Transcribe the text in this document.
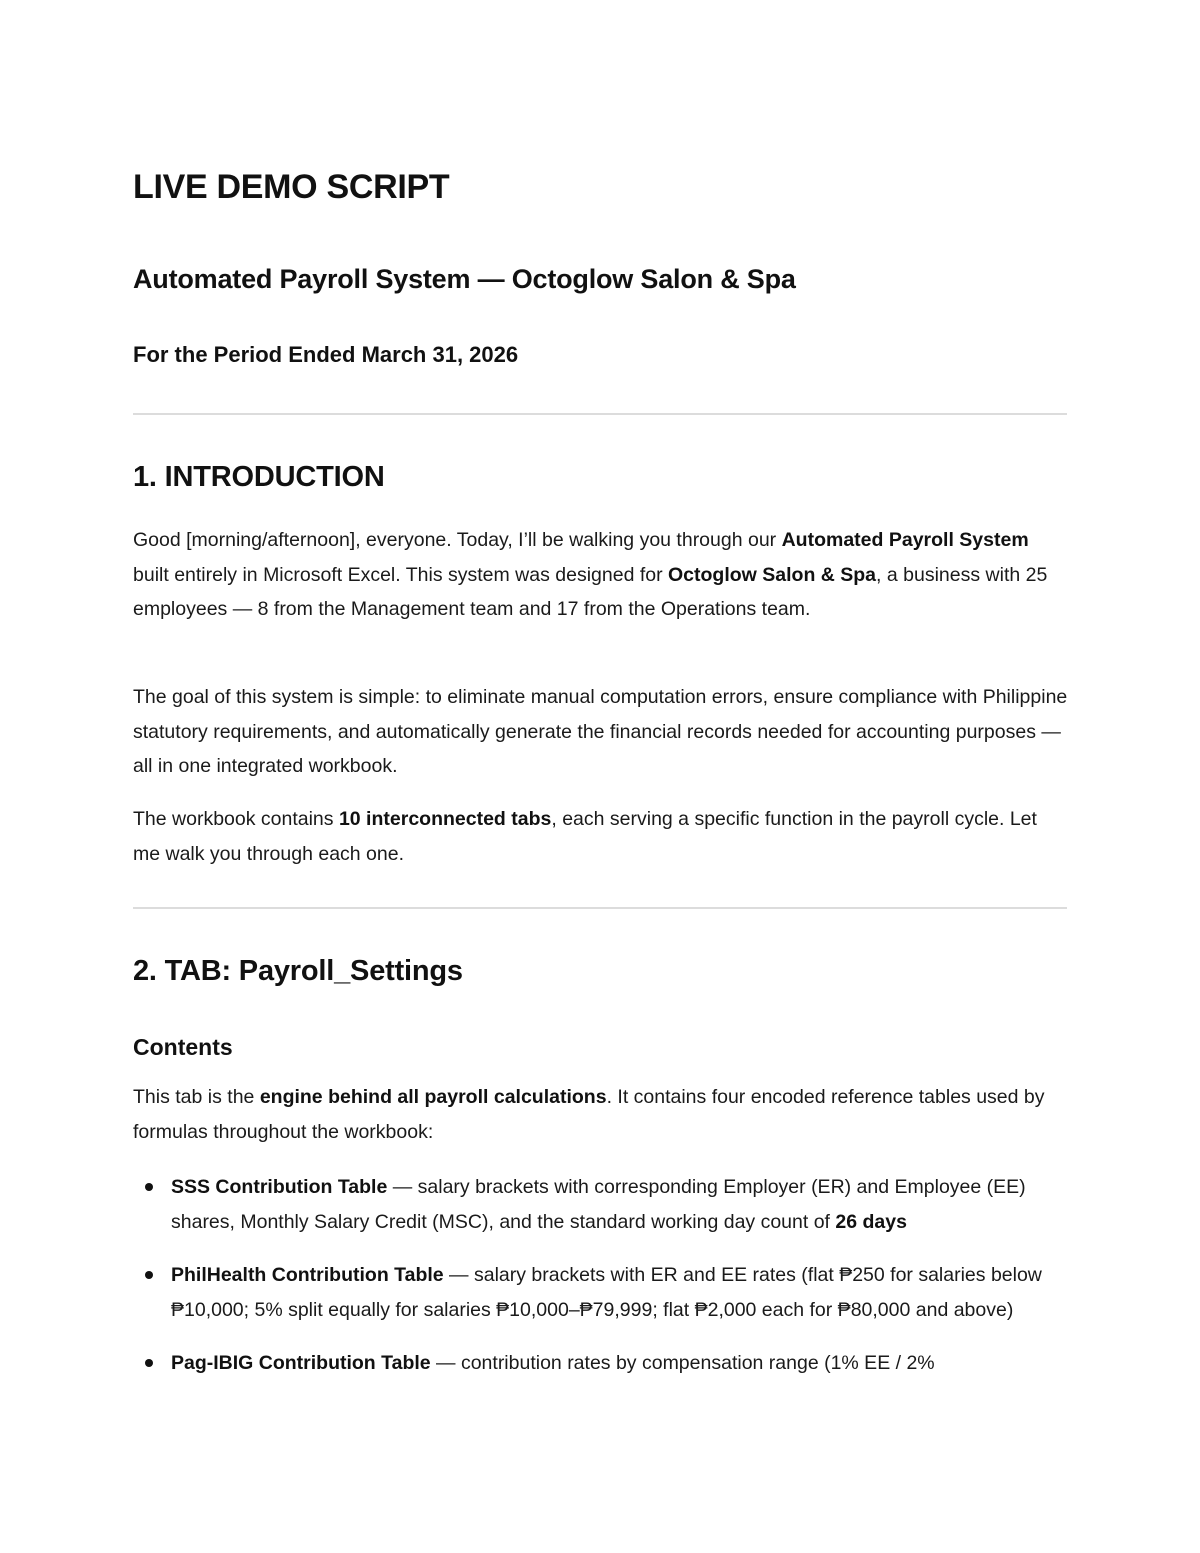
LIVE DEMO SCRIPT
Automated Payroll System — Octoglow Salon & Spa
For the Period Ended March 31, 2026
1. INTRODUCTION

Good [morning/afternoon], everyone. Today, I’ll be walking you through our Automated Payroll System built entirely in Microsoft Excel. This system was designed for Octoglow Salon & Spa, a business with 25 employees — 8 from the Management team and 17 from the Operations team.

The goal of this system is simple: to eliminate manual computation errors, ensure compliance with Philippine statutory requirements, and automatically generate the financial records needed for accounting purposes — all in one integrated workbook.

The workbook contains 10 interconnected tabs, each serving a specific function in the payroll cycle. Let me walk you through each one.

2. TAB: Payroll_Settings
Contents

This tab is the engine behind all payroll calculations. It contains four encoded reference tables used by formulas throughout the workbook:

SSS Contribution Table — salary brackets with corresponding Employer (ER) and Employee (EE) shares, Monthly Salary Credit (MSC), and the standard working day count of 26 days
PhilHealth Contribution Table — salary brackets with ER and EE rates (flat ₱250 for salaries below ₱10,000; 5% split equally for salaries ₱10,000–₱79,999; flat ₱2,000 each for ₱80,000 and above)
Pag-IBIG Contribution Table — contribution rates by compensation range (1% EE / 2%
